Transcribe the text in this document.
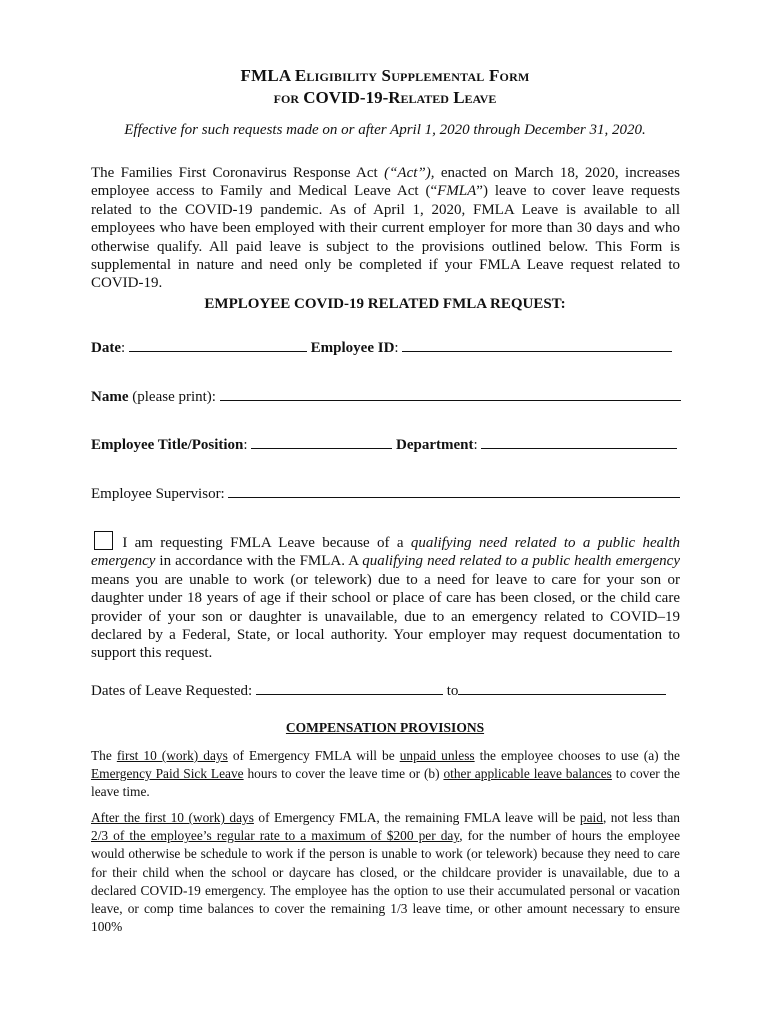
FMLA Eligibility Supplemental Form
for COVID-19-Related Leave
Effective for such requests made on or after April 1, 2020 through December 31, 2020.
The Families First Coronavirus Response Act (“Act”), enacted on March 18, 2020, increases employee access to Family and Medical Leave Act (“FMLA”) leave to cover leave requests related to the COVID-19 pandemic. As of April 1, 2020, FMLA Leave is available to all employees who have been employed with their current employer for more than 30 days and who otherwise qualify. All paid leave is subject to the provisions outlined below. This Form is supplemental in nature and need only be completed if your FMLA Leave request related to COVID-19.
EMPLOYEE COVID-19 RELATED FMLA REQUEST:
Date:	Employee ID:
Name (please print):
Employee Title/Position:	Department:
Employee Supervisor:
I am requesting FMLA Leave because of a qualifying need related to a public health emergency in accordance with the FMLA. A qualifying need related to a public health emergency means you are unable to work (or telework) due to a need for leave to care for your son or daughter under 18 years of age if their school or place of care has been closed, or the child care provider of your son or daughter is unavailable, due to an emergency related to COVID–19 declared by a Federal, State, or local authority. Your employer may request documentation to support this request.
Dates of Leave Requested:	to
COMPENSATION PROVISIONS
The first 10 (work) days of Emergency FMLA will be unpaid unless the employee chooses to use (a) the Emergency Paid Sick Leave hours to cover the leave time or (b) other applicable leave balances to cover the leave time.
After the first 10 (work) days of Emergency FMLA, the remaining FMLA leave will be paid, not less than 2/3 of the employee’s regular rate to a maximum of $200 per day, for the number of hours the employee would otherwise be schedule to work if the person is unable to work (or telework) because they need to care for their child when the school or daycare has closed, or the childcare provider is unavailable, due to a declared COVID-19 emergency. The employee has the option to use their accumulated personal or vacation leave, or comp time balances to cover the remaining 1/3 leave time, or other amount necessary to ensure 100%
